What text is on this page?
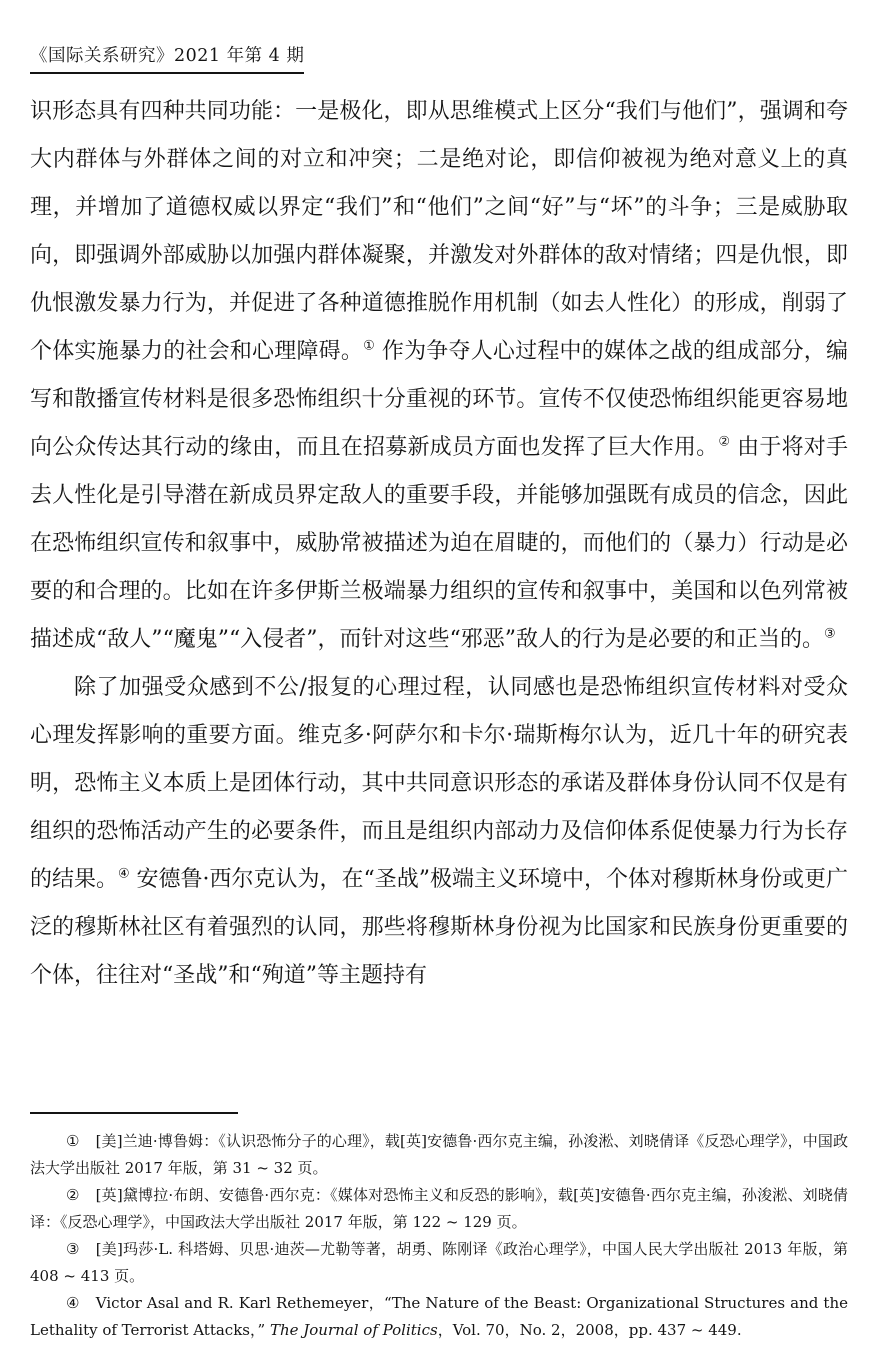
《国际关系研究》2021 年第 4 期

识形态具有四种共同功能：一是极化，即从思维模式上区分“我们与他们”，强调和夸大内群体与外群体之间的对立和冲突；二是绝对论，即信仰被视为绝对意义上的真理，并增加了道德权威以界定“我们”和“他们”之间“好”与“坏”的斗争；三是威胁取向，即强调外部威胁以加强内群体凝聚，并激发对外群体的敌对情绪；四是仇恨，即仇恨激发暴力行为，并促进了各种道德推脱作用机制（如去人性化）的形成，削弱了个体实施暴力的社会和心理障碍。① 作为争夺人心过程中的媒体之战的组成部分，编写和散播宣传材料是很多恐怖组织十分重视的环节。宣传不仅使恐怖组织能更容易地向公众传达其行动的缘由，而且在招募新成员方面也发挥了巨大作用。② 由于将对手去人性化是引导潜在新成员界定敌人的重要手段，并能够加强既有成员的信念，因此在恐怖组织宣传和叙事中，威胁常被描述为迫在眉睫的，而他们的（暴力）行动是必要的和合理的。比如在许多伊斯兰极端暴力组织的宣传和叙事中，美国和以色列常被描述成“敌人”“魔鬼”“入侵者”，而针对这些“邪恶”敌人的行为是必要的和正当的。③

除了加强受众感到不公/报复的心理过程，认同感也是恐怖组织宣传材料对受众心理发挥影响的重要方面。维克多·阿萨尔和卡尔·瑞斯梅尔认为，近几十年的研究表明，恐怖主义本质上是团体行动，其中共同意识形态的承诺及群体身份认同不仅是有组织的恐怖活动产生的必要条件，而且是组织内部动力及信仰体系促使暴力行为长存的结果。④ 安德鲁·西尔克认为，在“圣战”极端主义环境中，个体对穆斯林身份或更广泛的穆斯林社区有着强烈的认同，那些将穆斯林身份视为比国家和民族身份更重要的个体，往往对“圣战”和“殉道”等主题持有

① [美]兰迪·博鲁姆：《认识恐怖分子的心理》，载[英]安德鲁·西尔克主编，孙浚淞、刘晓倩译《反恐心理学》，中国政法大学出版社 2017 年版，第 31 ~ 32 页。

② [英]黛博拉·布朗、安德鲁·西尔克：《媒体对恐怖主义和反恐的影响》，载[英]安德鲁·西尔克主编，孙浚淞、刘晓倩译：《反恐心理学》，中国政法大学出版社 2017 年版，第 122 ~ 129 页。

③ [美]玛莎·L. 科塔姆、贝思·迪茨—尤勒等著，胡勇、陈刚译《政治心理学》，中国人民大学出版社 2013 年版，第 408 ~ 413 页。

④ Victor Asal and R. Karl Rethemeyer，“The Nature of the Beast: Organizational Structures and the Lethality of Terrorist Attacks，” The Journal of Politics，Vol. 70，No. 2，2008，pp. 437 ~ 449.
